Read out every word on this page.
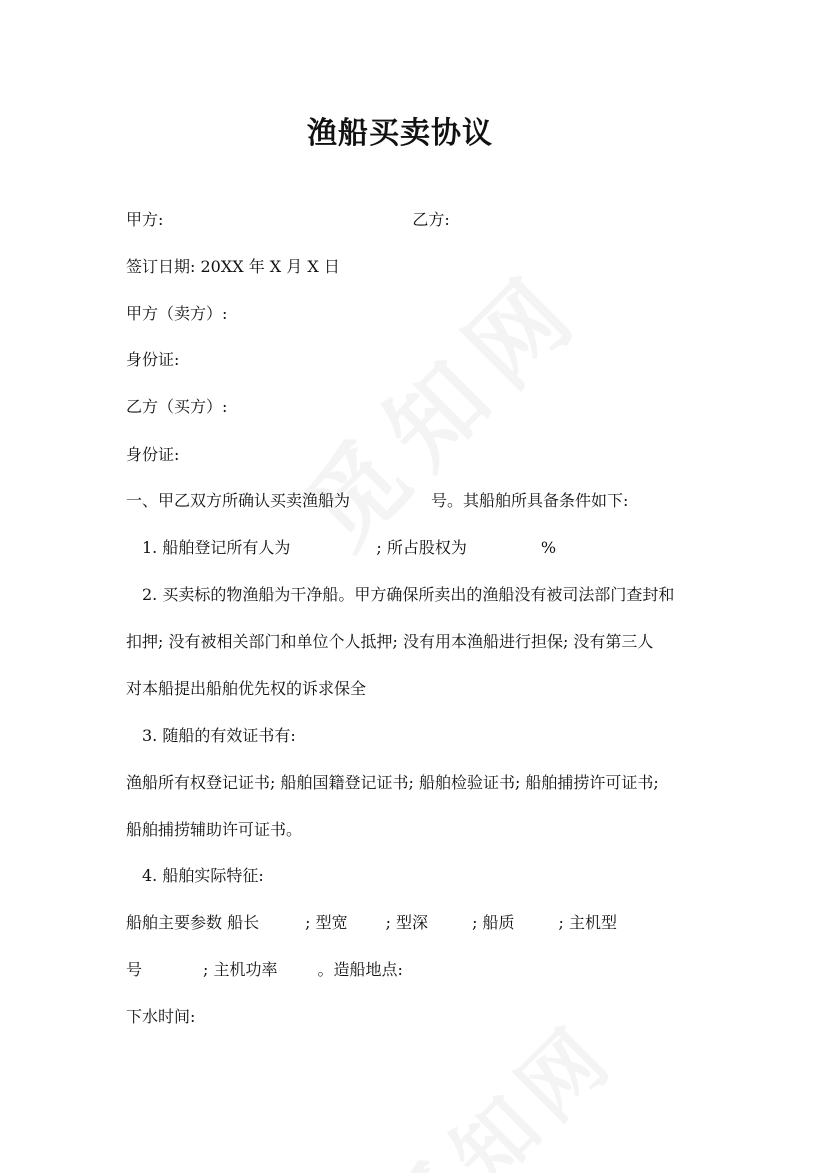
渔船买卖协议
甲方:	乙方:
签订日期: 20XX 年 X 月 X 日
甲方（卖方）:
身份证:
乙方（买方）:
身份证:
一、甲乙双方所确认买卖渔船为	号。其船舶所具备条件如下:
1. 船舶登记所有人为	; 所占股权为	%
2. 买卖标的物渔船为干净船。甲方确保所卖出的渔船没有被司法部门查封和
扣押; 没有被相关部门和单位个人抵押; 没有用本渔船进行担保; 没有第三人
对本船提出船舶优先权的诉求保全
3. 随船的有效证书有:
渔船所有权登记证书; 船舶国籍登记证书; 船舶检验证书; 船舶捕捞许可证书;
船舶捕捞辅助许可证书。
4. 船舶实际特征:
船舶主要参数 船长	; 型宽 ; 型深	; 船质	; 主机型
号	; 主机功率	。造船地点:
下水时间:
